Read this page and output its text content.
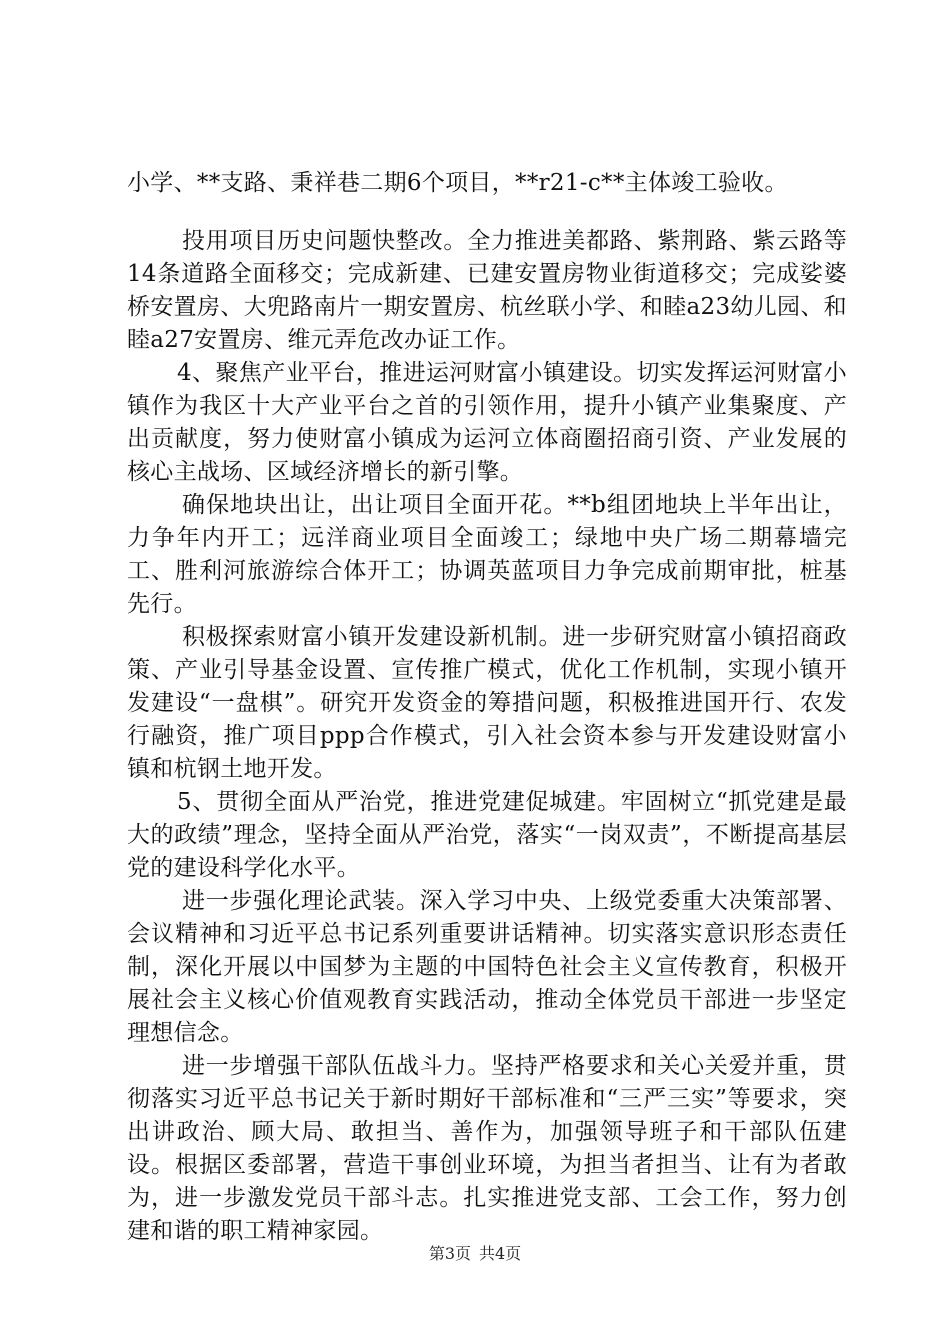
小学、**支路、秉祥巷二期6个项目，**r21-c**主体竣工验收。

投用项目历史问题快整改。全力推进美都路、紫荆路、紫云路等14条道路全面移交；完成新建、已建安置房物业街道移交；完成娑婆桥安置房、大兜路南片一期安置房、杭丝联小学、和睦a23幼儿园、和睦a27安置房、维元弄危改办证工作。

4、聚焦产业平台，推进运河财富小镇建设。切实发挥运河财富小镇作为我区十大产业平台之首的引领作用，提升小镇产业集聚度、产出贡献度，努力使财富小镇成为运河立体商圈招商引资、产业发展的核心主战场、区域经济增长的新引擎。

确保地块出让，出让项目全面开花。**b组团地块上半年出让，力争年内开工；远洋商业项目全面竣工；绿地中央广场二期幕墙完工、胜利河旅游综合体开工；协调英蓝项目力争完成前期审批，桩基先行。

积极探索财富小镇开发建设新机制。进一步研究财富小镇招商政策、产业引导基金设置、宣传推广模式，优化工作机制，实现小镇开发建设“一盘棋”。研究开发资金的筹措问题，积极推进国开行、农发行融资，推广项目ppp合作模式，引入社会资本参与开发建设财富小镇和杭钢土地开发。

5、贯彻全面从严治党，推进党建促城建。牢固树立“抓党建是最大的政绩”理念，坚持全面从严治党，落实“一岗双责”，不断提高基层党的建设科学化水平。

进一步强化理论武装。深入学习中央、上级党委重大决策部署、会议精神和习近平总书记系列重要讲话精神。切实落实意识形态责任制，深化开展以中国梦为主题的中国特色社会主义宣传教育，积极开展社会主义核心价值观教育实践活动，推动全体党员干部进一步坚定理想信念。

进一步增强干部队伍战斗力。坚持严格要求和关心关爱并重，贯彻落实习近平总书记关于新时期好干部标准和“三严三实”等要求，突出讲政治、顾大局、敢担当、善作为，加强领导班子和干部队伍建设。根据区委部署，营造干事创业环境，为担当者担当、让有为者敢为，进一步激发党员干部斗志。扎实推进党支部、工会工作，努力创建和谐的职工精神家园。

第3页 共4页
